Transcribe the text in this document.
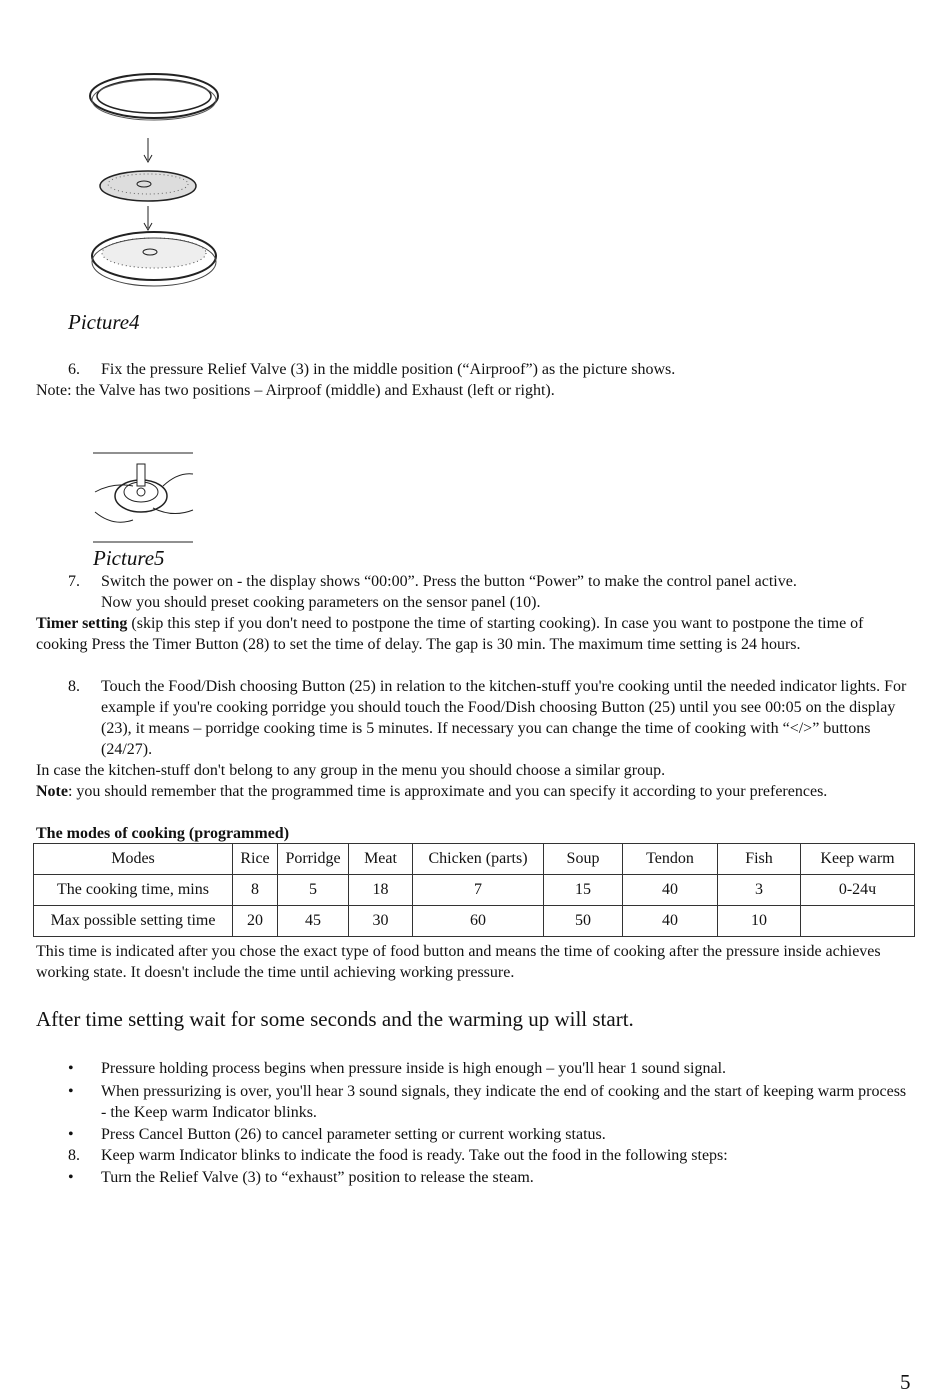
Picture4
6. Fix the pressure Relief Valve (3) in the middle position (“Airproof”) as the picture shows.
Note: the Valve has two positions – Airproof (middle) and Exhaust (left or right).
Picture5
7. Switch the power on - the display shows “00:00”. Press the button “Power” to make the control panel active.
Now you should preset cooking parameters on the sensor panel (10).
Timer setting (skip this step if you don't need to postpone the time of starting cooking). In case you want to postpone the time of cooking Press the Timer Button (28) to set the time of delay. The gap is 30 min. The maximum time setting is 24 hours.
8. Touch the Food/Dish choosing Button (25) in relation to the kitchen-stuff you're cooking until the needed indicator lights. For example if you're cooking porridge you should touch the Food/Dish choosing Button (25) until you see 00:05 on the display (23), it means – porridge cooking time is 5 minutes. If necessary you can change the time of cooking with “</>” buttons (24/27).
In case the kitchen-stuff don't belong to any group in the menu you should choose a similar group.
Note: you should remember that the programmed time is approximate and you can specify it according to your preferences.
The modes of cooking (programmed)
Modes	Rice	Porridge	Meat	Chicken (parts)	Soup	Tendon	Fish	Keep warm
The cooking time, mins	8	5	18	7	15	40	3	0-24ч
Max possible setting time	20	45	30	60	50	40	10	
This time is indicated after you chose the exact type of food button and means the time of cooking after the pressure inside achieves working state. It doesn't include the time until achieving working pressure.
After time setting wait for some seconds and the warming up will start.
• Pressure holding process begins when pressure inside is high enough – you'll hear 1 sound signal.
• When pressurizing is over, you'll hear 3 sound signals, they indicate the end of cooking and the start of keeping warm process - the Keep warm Indicator blinks.
• Press Cancel Button (26) to cancel parameter setting or current working status.
8. Keep warm Indicator blinks to indicate the food is ready. Take out the food in the following steps:
• Turn the Relief Valve (3) to “exhaust” position to release the steam.
5
